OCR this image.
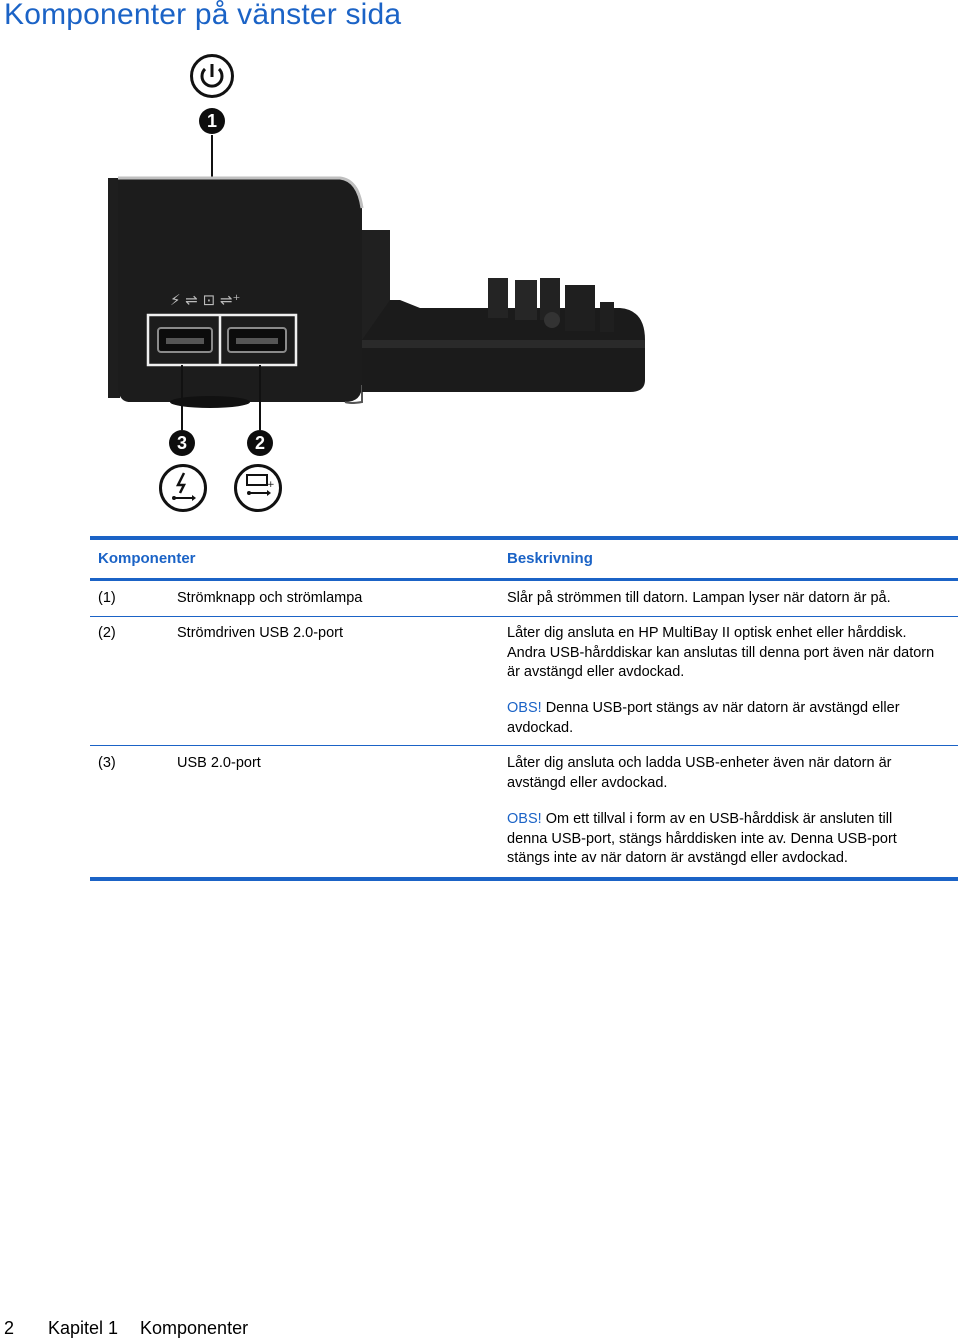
Komponenter på vänster sida
⚡ ⇌ ⊡ ⇌⁺
1
3	2
+
Komponenter	Beskrivning
(1)	Strömknapp och strömlampa	Slår på strömmen till datorn. Lampan lyser när datorn är på.
(2)	Strömdriven USB 2.0-port	Låter dig ansluta en HP MultiBay II optisk enhet eller hårddisk.
Andra USB-hårddiskar kan anslutas till denna port även när datorn
är avstängd eller avdockad.
OBS! Denna USB-port stängs av när datorn är avstängd eller
avdockad.
(3)	USB 2.0-port	Låter dig ansluta och ladda USB-enheter även när datorn är
avstängd eller avdockad.
OBS! Om ett tillval i form av en USB-hårddisk är ansluten till
denna USB-port, stängs hårddisken inte av. Denna USB-port
stängs inte av när datorn är avstängd eller avdockad.
2 Kapitel 1 Komponenter
